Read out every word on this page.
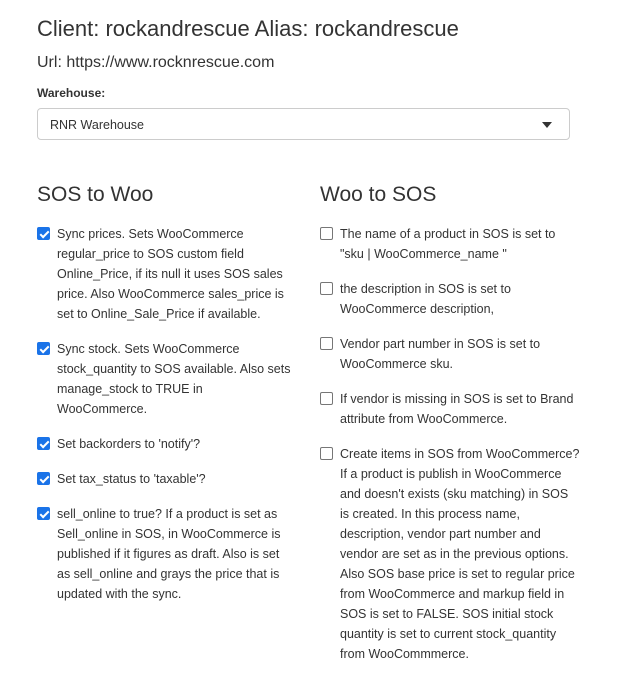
Client: rockandrescue Alias: rockandrescue
Url: https://www.rocknrescue.com
Warehouse:
RNR Warehouse
SOS to Woo
Sync prices. Sets WooCommerce regular_price to SOS custom field Online_Price, if its null it uses SOS sales price. Also WooCommerce sales_price is set to Online_Sale_Price if available.
Sync stock. Sets WooCommerce stock_quantity to SOS available. Also sets manage_stock to TRUE in WooCommerce.
Set backorders to 'notify'?
Set tax_status to 'taxable'?
sell_online to true? If a product is set as Sell_online in SOS, in WooCommerce is published if it figures as draft. Also is set as sell_online and grays the price that is updated with the sync.
Woo to SOS
The name of a product in SOS is set to "sku | WooCommerce_name "
the description in SOS is set to WooCommerce description,
Vendor part number in SOS is set to WooCommerce sku.
If vendor is missing in SOS is set to Brand attribute from WooCommerce.
Create items in SOS from WooCommerce? If a product is publish in WooCommerce and doesn't exists (sku matching) in SOS is created. In this process name, description, vendor part number and vendor are set as in the previous options. Also SOS base price is set to regular price from WooCommerce and markup field in SOS is set to FALSE. SOS initial stock quantity is set to current stock_quantity from WooCommmerce.
